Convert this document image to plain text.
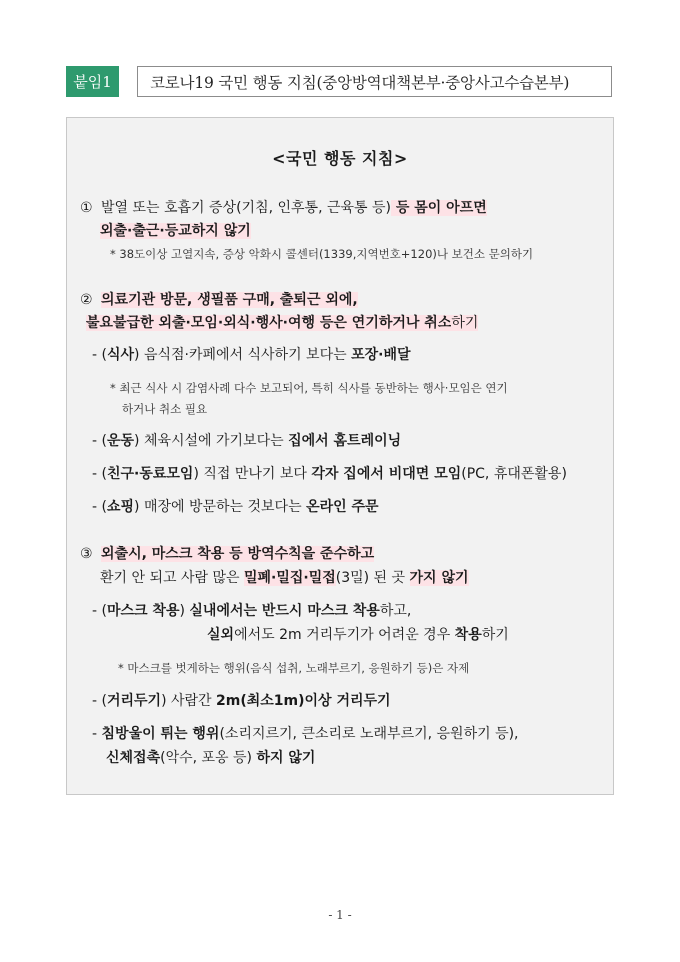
붙임1	코로나19 국민 행동 지침(중앙방역대책본부·중앙사고수습본부)
<국민 행동 지침>
① 발열 또는 호흡기 증상(기침, 인후통, 근육통 등) 등 몸이 아프면
외출·출근·등교하지 않기
* 38도이상 고열지속, 증상 악화시 콜센터(1339,지역번호+120)나 보건소 문의하기
② 의료기관 방문, 생필품 구매, 출퇴근 외에,
불요불급한 외출·모임·외식·행사·여행 등은 연기하거나 취소하기
- (식사) 음식점·카페에서 식사하기 보다는 포장·배달
* 최근 식사 시 감염사례 다수 보고되어, 특히 식사를 동반하는 행사·모임은 연기
하거나 취소 필요
- (운동) 체육시설에 가기보다는 집에서 홈트레이닝
- (친구·동료모임) 직접 만나기 보다 각자 집에서 비대면 모임(PC, 휴대폰활용)
- (쇼핑) 매장에 방문하는 것보다는 온라인 주문
③ 외출시, 마스크 착용 등 방역수칙을 준수하고
환기 안 되고 사람 많은 밀폐·밀집·밀접(3밀) 된 곳 가지 않기
- (마스크 착용) 실내에서는 반드시 마스크 착용하고,
실외에서도 2m 거리두기가 어려운 경우 착용하기
* 마스크를 벗게하는 행위(음식 섭취, 노래부르기, 응원하기 등)은 자제
- (거리두기) 사람간 2m(최소1m)이상 거리두기
- 침방울이 튀는 행위(소리지르기, 큰소리로 노래부르기, 응원하기 등),
신체접촉(악수, 포옹 등) 하지 않기
- 1 -
